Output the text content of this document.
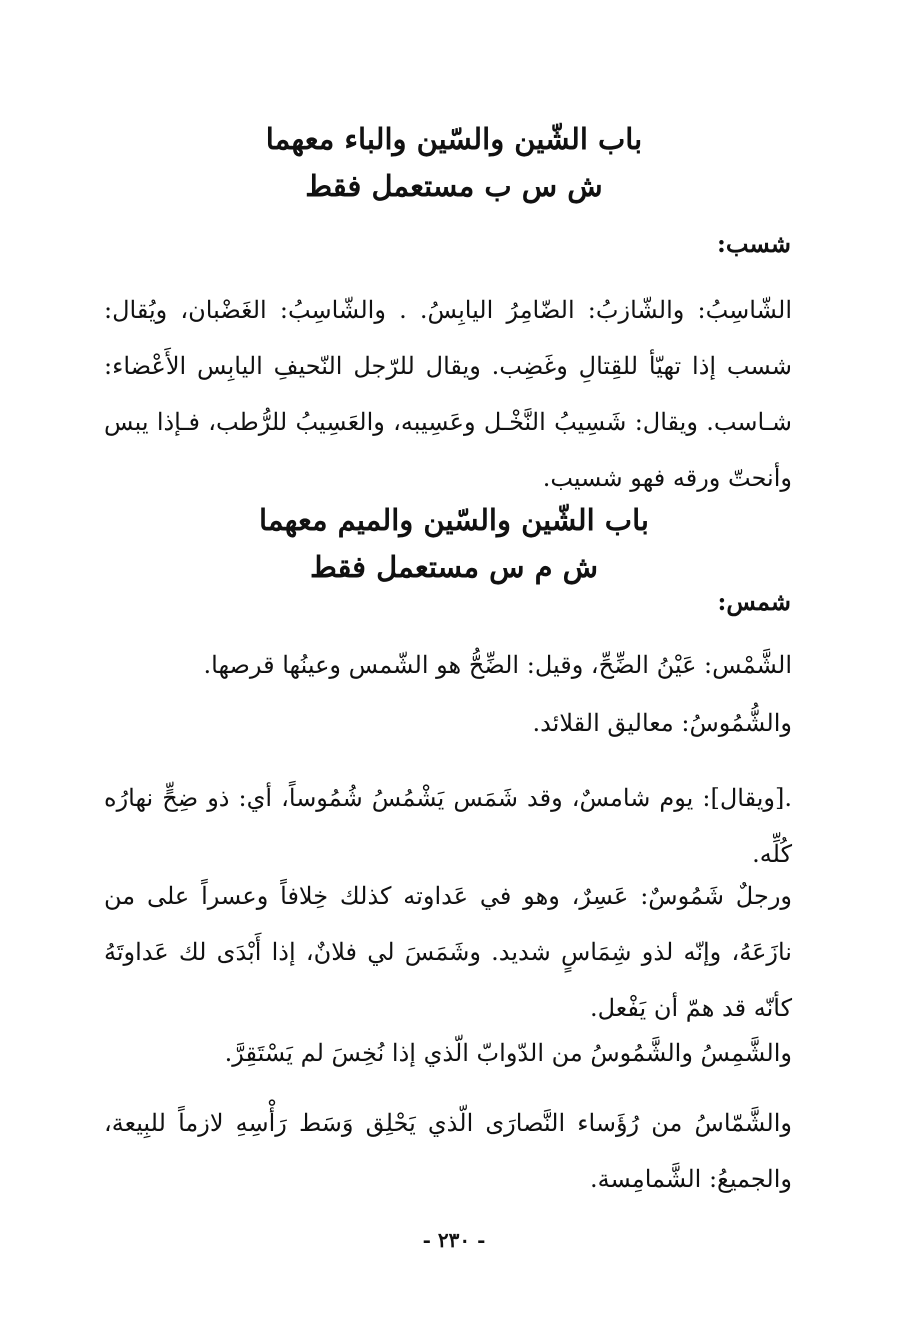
باب الشّين والسّين والباء معهما
ش س ب مستعمل فقط
شسب:
الشّاسِبُ: والشّازبُ: الضّامِرُ اليابِسُ. . والشّاسِبُ: الغَضْبان، ويُقال: شسب إذا تهيّأ للقِتالِ وغَضِب. ويقال للرّجل النّحيفِ اليابِس الأَعْضاء: شـاسب. ويقال: شَسِيبُ النَّخْـل وعَسِيبه، والعَسِيبُ للرُّطب، فـإذا يبس وأنحتّ ورقه فهو شسيب.
باب الشّين والسّين والميم معهما
ش م س مستعمل فقط
شمس:
الشَّمْس: عَيْنُ الضِّحِّ، وقيل: الضِّحُّ هو الشّمس وعينُها قرصها.
والشُّمُوسُ: معاليق القلائد.
.[ويقال]: يوم شامسٌ، وقد شَمَس يَشْمُسُ شُمُوساً، أي: ذو ضِحٍّ نهارُه كُلِّه.
ورجلٌ شَمُوسٌ: عَسِرٌ، وهو في عَداوته كذلك خِلافاً وعسراً على من نازَعَهُ، وإنّه لذو شِمَاسٍ شديد. وشَمَسَ لي فلانٌ، إذا أَبْدَى لك عَداوتَهُ كأنّه قد همّ أن يَفْعل.
والشَّمِسُ والشَّمُوسُ من الدّوابّ الّذي إذا نُخِسَ لم يَسْتَقِرَّ.
والشَّمّاسُ من رُؤَساء النَّصارَى الّذي يَحْلِق وَسَط رَأْسِهِ لازماً للبِيعة، والجميعُ: الشَّمامِسة.
- ٢٣٠ -
